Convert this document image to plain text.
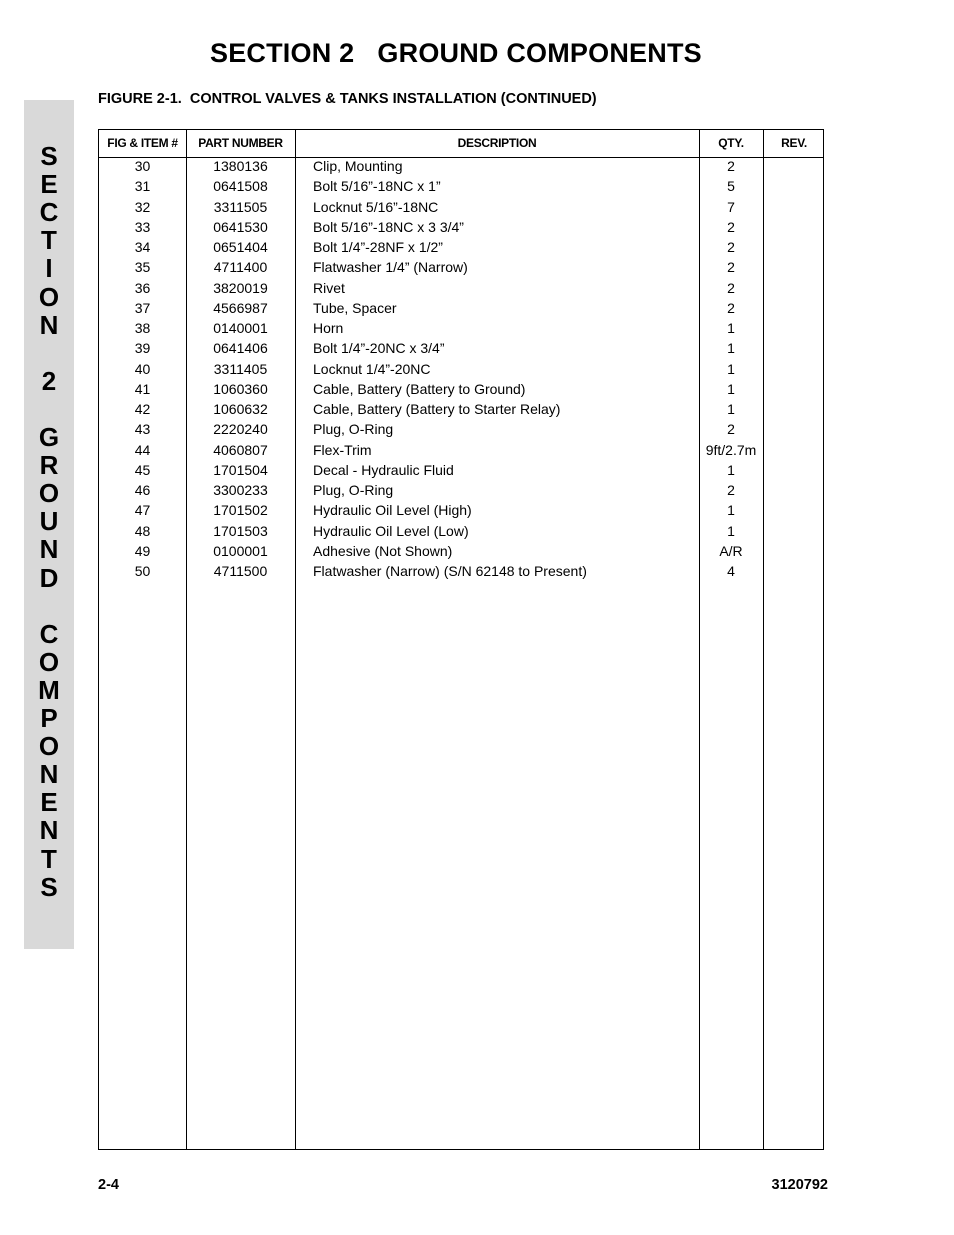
SECTION 2   GROUND COMPONENTS
FIGURE 2-1.  CONTROL VALVES & TANKS INSTALLATION (CONTINUED)
S
E
C
T
I
O
N
2
G
R
O
U
N
D
C
O
M
P
O
N
E
N
T
S
FIG & ITEM #	PART NUMBER	DESCRIPTION	QTY.	REV.
30	1380136	Clip, Mounting	2
31	0641508	Bolt 5/16”-18NC x 1”	5
32	3311505	Locknut 5/16”-18NC	7
33	0641530	Bolt 5/16”-18NC x 3 3/4”	2
34	0651404	Bolt 1/4”-28NF x 1/2”	2
35	4711400	Flatwasher 1/4” (Narrow)	2
36	3820019	Rivet	2
37	4566987	Tube, Spacer	2
38	0140001	Horn	1
39	0641406	Bolt 1/4”-20NC x 3/4”	1
40	3311405	Locknut 1/4”-20NC	1
41	1060360	Cable, Battery (Battery to Ground)	1
42	1060632	Cable, Battery (Battery to Starter Relay)	1
43	2220240	Plug, O-Ring	2
44	4060807	Flex-Trim	9ft/2.7m
45	1701504	Decal - Hydraulic Fluid	1
46	3300233	Plug, O-Ring	2
47	1701502	Hydraulic Oil Level (High)	1
48	1701503	Hydraulic Oil Level (Low)	1
49	0100001	Adhesive (Not Shown)	A/R
50	4711500	Flatwasher (Narrow) (S/N 62148 to Present)	4
2-4	3120792
